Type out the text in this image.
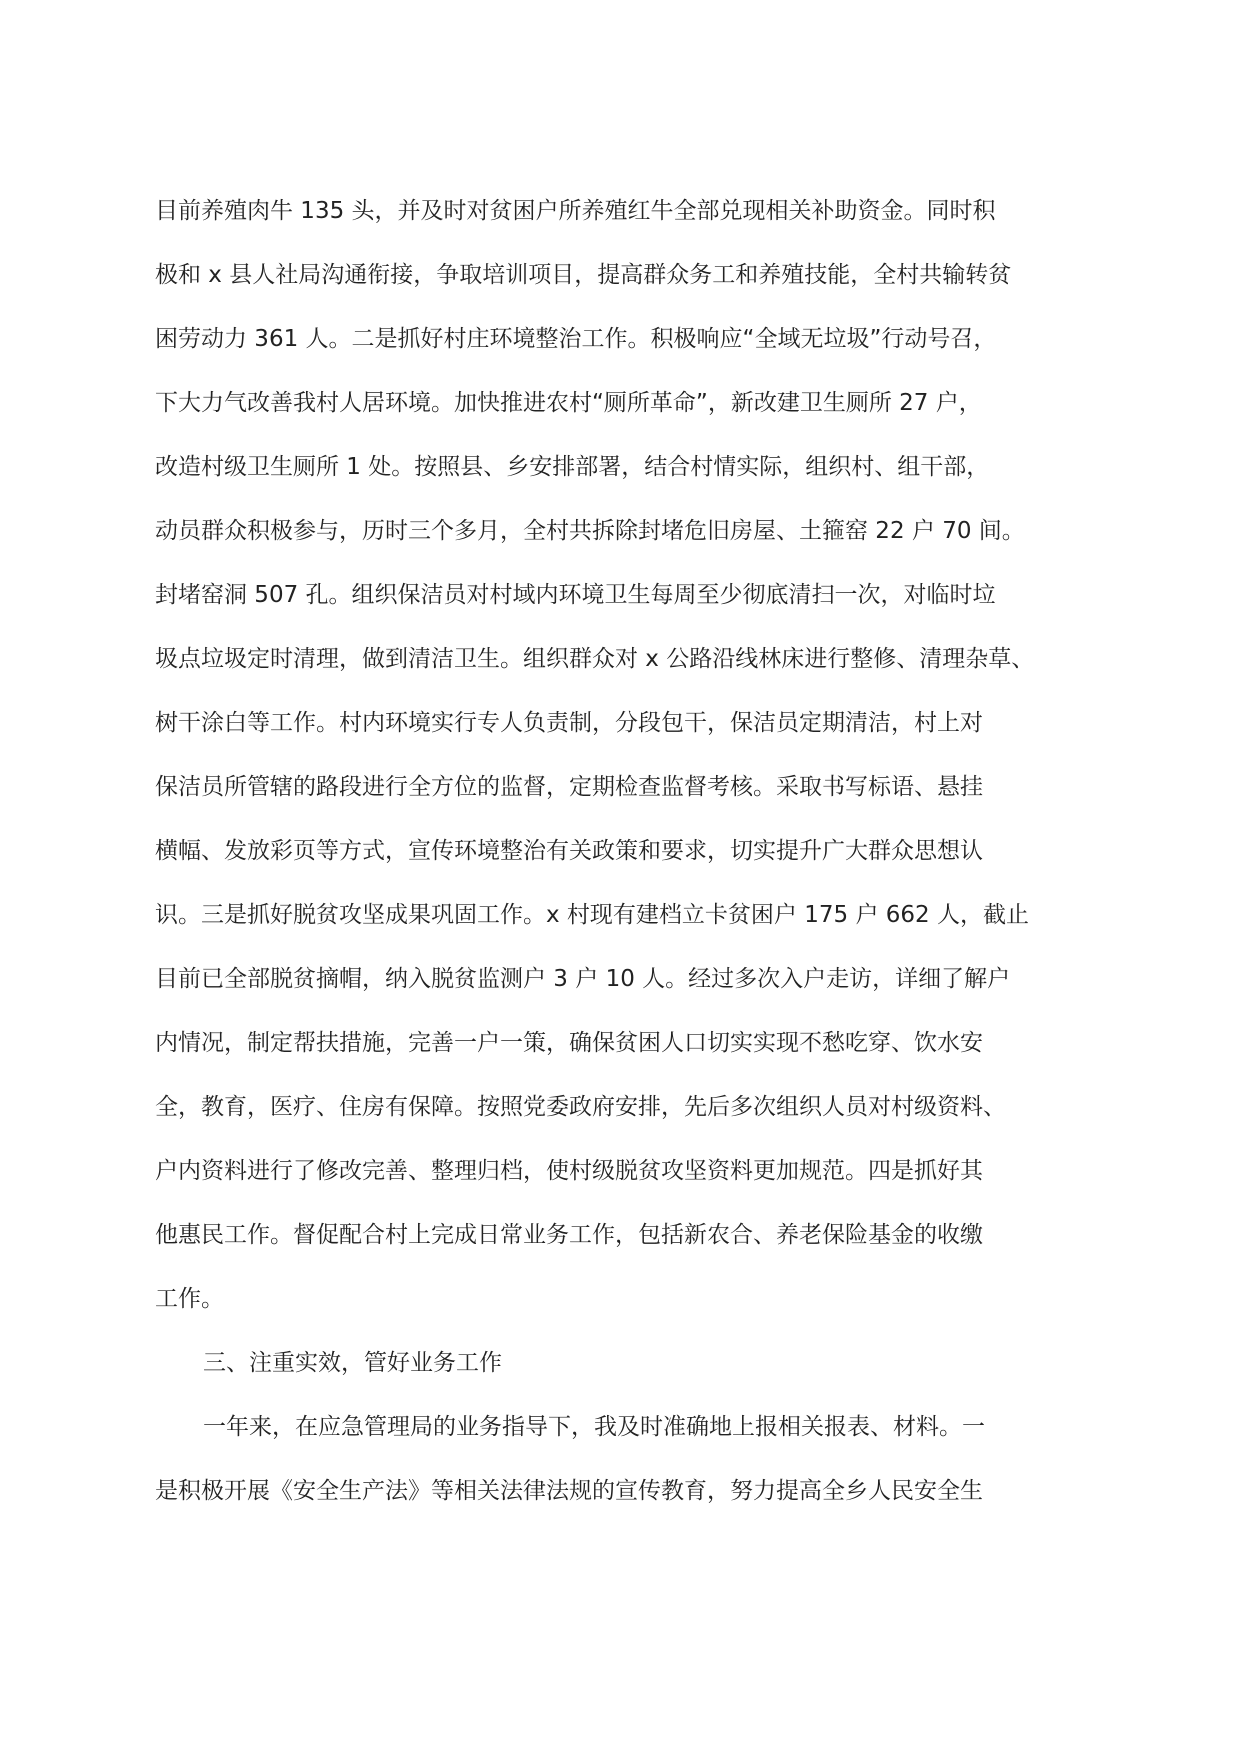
目前养殖肉牛 135 头，并及时对贫困户所养殖红牛全部兑现相关补助资金。同时积
极和 x 县人社局沟通衔接，争取培训项目，提高群众务工和养殖技能，全村共输转贫
困劳动力 361 人。二是抓好村庄环境整治工作。积极响应“全域无垃圾”行动号召，
下大力气改善我村人居环境。加快推进农村“厕所革命”，新改建卫生厕所 27 户，
改造村级卫生厕所 1 处。按照县、乡安排部署，结合村情实际，组织村、组干部，
动员群众积极参与，历时三个多月，全村共拆除封堵危旧房屋、土箍窑 22 户 70 间。
封堵窑洞 507 孔。组织保洁员对村域内环境卫生每周至少彻底清扫一次，对临时垃
圾点垃圾定时清理，做到清洁卫生。组织群众对 x 公路沿线林床进行整修、清理杂草、
树干涂白等工作。村内环境实行专人负责制，分段包干，保洁员定期清洁，村上对
保洁员所管辖的路段进行全方位的监督，定期检查监督考核。采取书写标语、悬挂
横幅、发放彩页等方式，宣传环境整治有关政策和要求，切实提升广大群众思想认
识。三是抓好脱贫攻坚成果巩固工作。x 村现有建档立卡贫困户 175 户 662 人，截止
目前已全部脱贫摘帽，纳入脱贫监测户 3 户 10 人。经过多次入户走访，详细了解户
内情况，制定帮扶措施，完善一户一策，确保贫困人口切实实现不愁吃穿、饮水安
全，教育，医疗、住房有保障。按照党委政府安排，先后多次组织人员对村级资料、
户内资料进行了修改完善、整理归档，使村级脱贫攻坚资料更加规范。四是抓好其
他惠民工作。督促配合村上完成日常业务工作，包括新农合、养老保险基金的收缴
工作。
三、注重实效，管好业务工作
一年来，在应急管理局的业务指导下，我及时准确地上报相关报表、材料。一
是积极开展《安全生产法》等相关法律法规的宣传教育，努力提高全乡人民安全生
